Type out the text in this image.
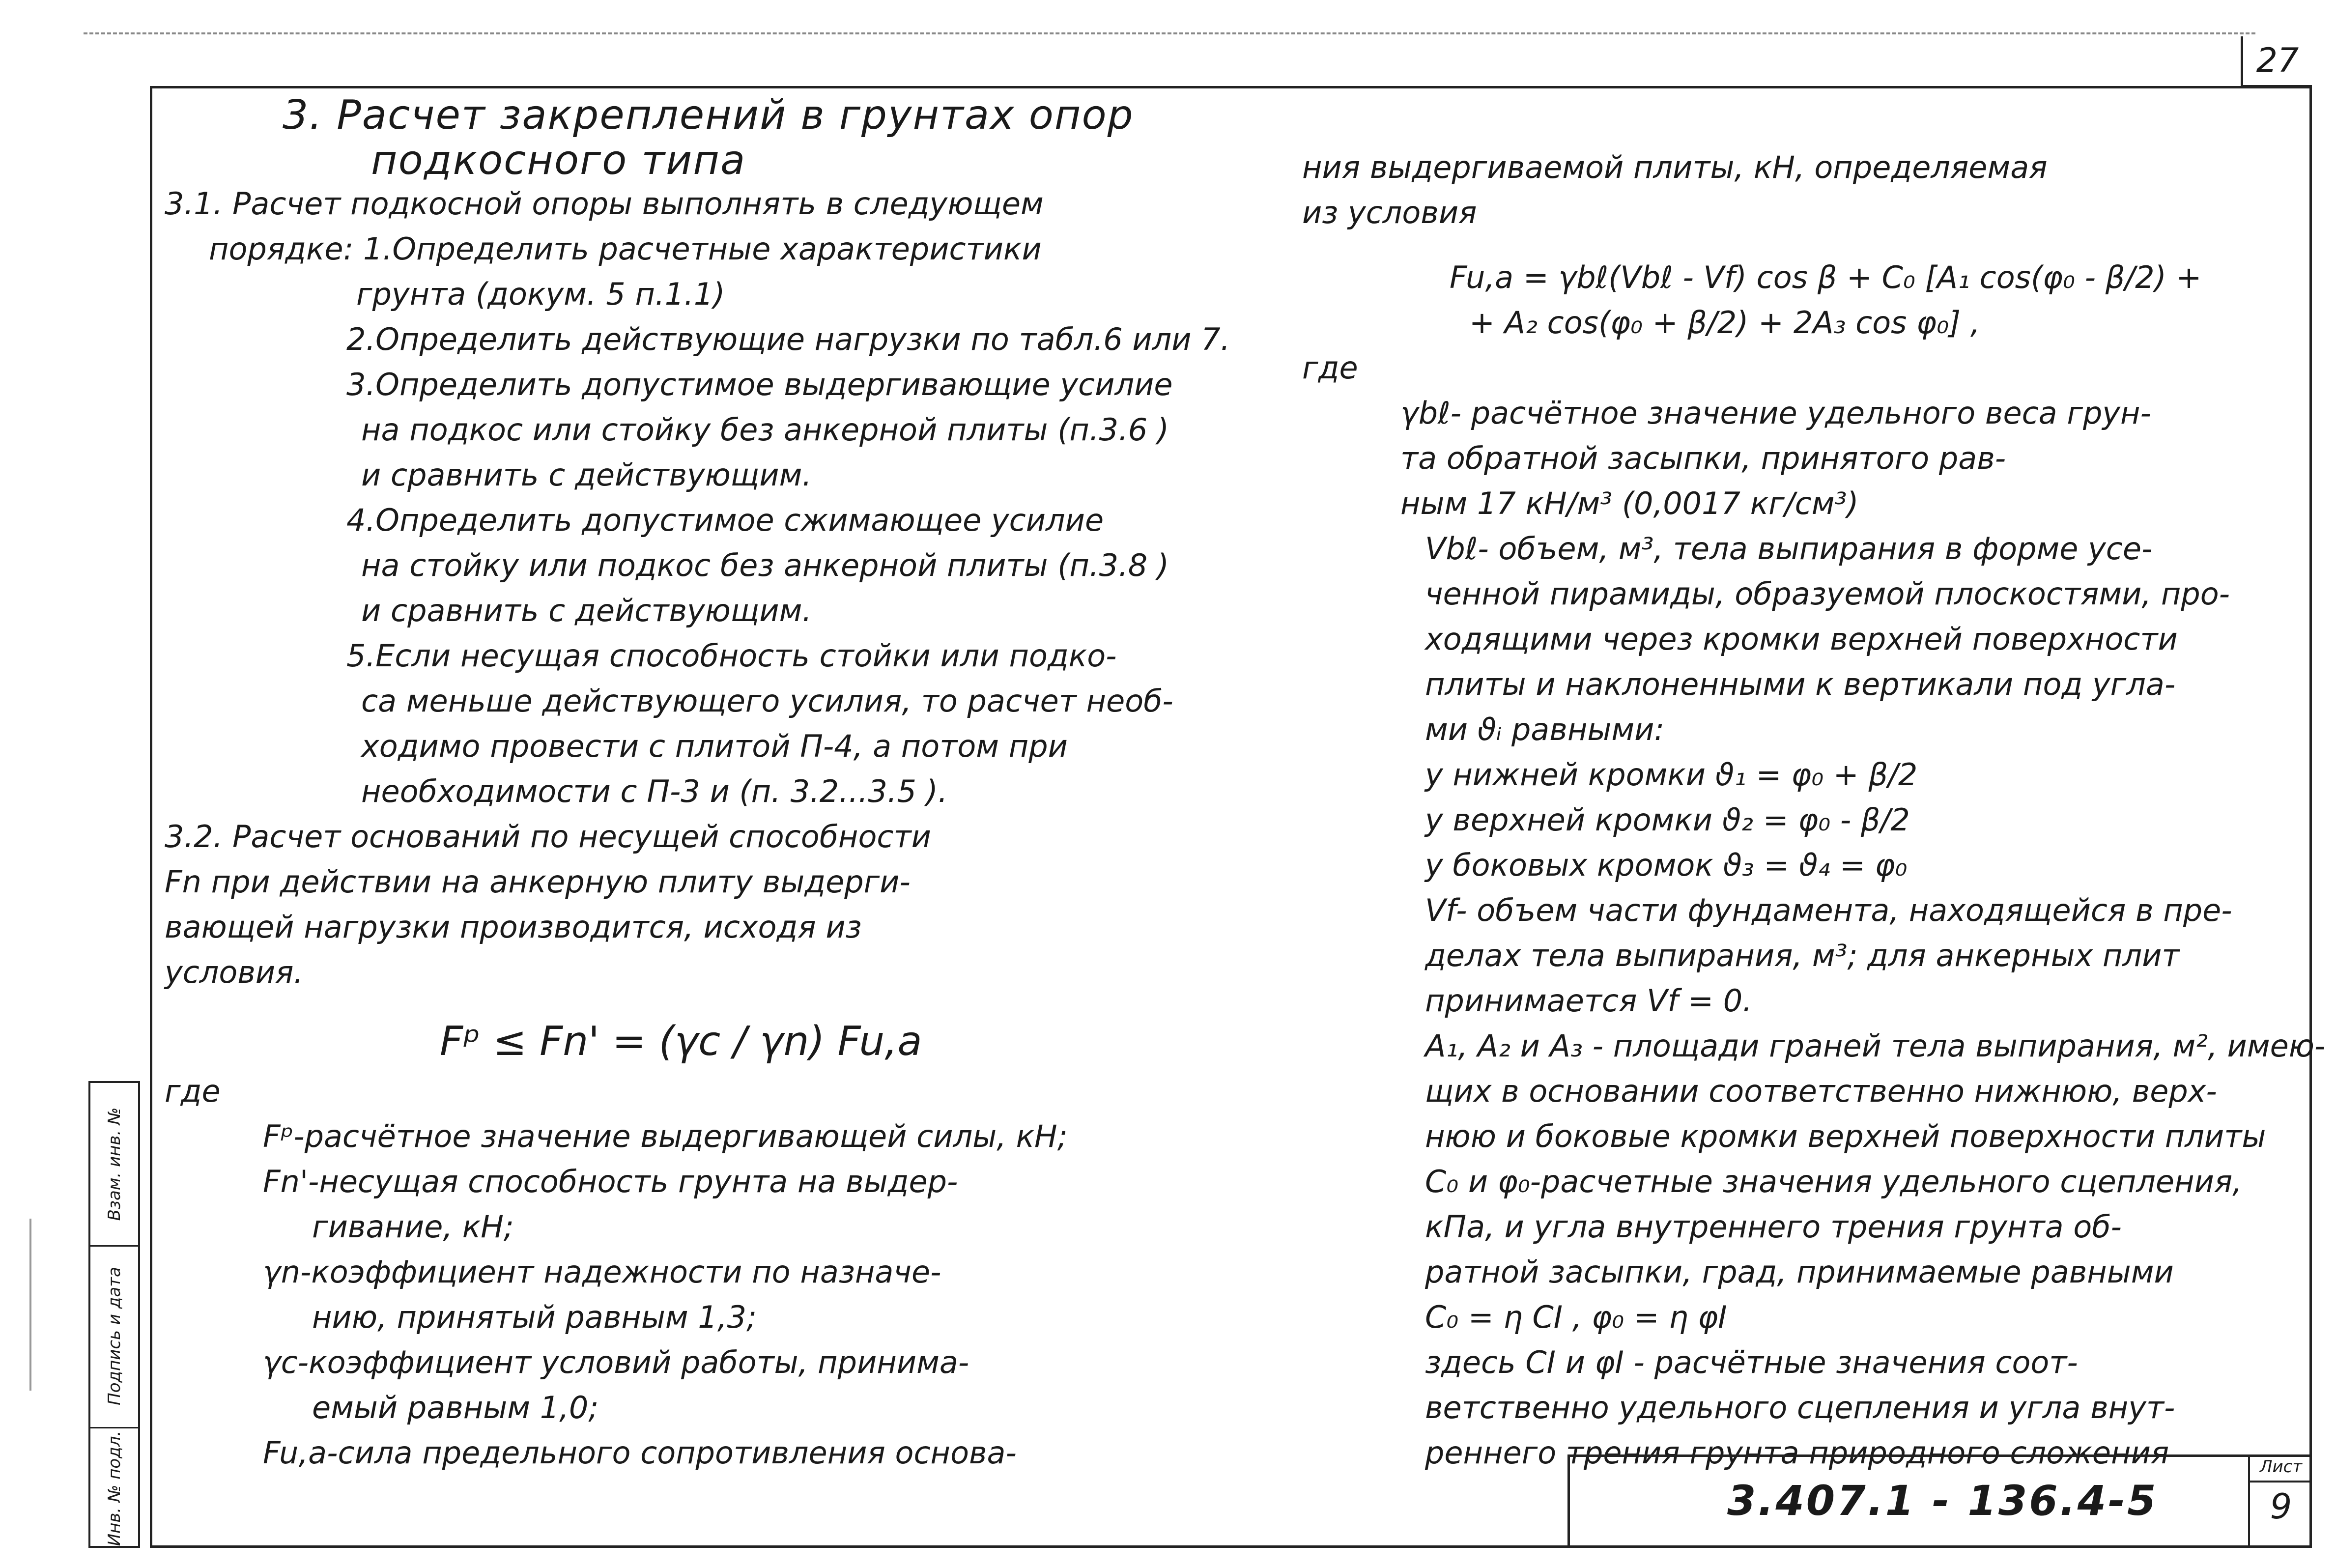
27
3. Расчет закреплений в грунтах опор
подкосного типа
3.1. Расчет подкосной опоры выполнять в следующем
порядке: 1.Определить расчетные характеристики
грунта (докум. 5 п.1.1)
2.Определить действующие нагрузки по табл.6 или 7.
3.Определить допустимое выдергивающие усилие
на подкос или стойку без анкерной плиты (п.3.6 )
и сравнить с действующим.
4.Определить допустимое сжимающее усилие
на стойку или подкос без анкерной плиты (п.3.8 )
и сравнить с действующим.
5.Если несущая способность стойки или подко-
са меньше действующего усилия, то расчет необ-
ходимо провести с плитой П-4, а потом при
необходимости с П-3 и (п. 3.2...3.5 ).
3.2. Расчет оснований по несущей способности
Fn при действии на анкерную плиту выдерги-
вающей нагрузки производится, исходя из
условия.
Fᵖ ≤ Fn' = (γc / γn) Fu,a
где
Fᵖ-расчётное значение выдергивающей силы, кН;
Fn'-несущая способность грунта на выдер-
гивание, кН;
γn-коэффициент надежности по назначе-
нию, принятый равным 1,3;
γc-коэффициент условий работы, принима-
емый равным 1,0;
Fu,a-сила предельного сопротивления основа-
ния выдергиваемой плиты, кН, определяемая
из условия
Fu,a = γbℓ(Vbℓ - Vf) cos β + C₀ [A₁ cos(φ₀ - β/2) +
+ A₂ cos(φ₀ + β/2) + 2A₃ cos φ₀] ,
где
γbℓ- расчётное значение удельного веса грун-
та обратной засыпки, принятого рав-
ным 17 кН/м³ (0,0017 кг/см³)
Vbℓ- объем, м³, тела выпирания в форме усе-
ченной пирамиды, образуемой плоскостями, про-
ходящими через кромки верхней поверхности
плиты и наклоненными к вертикали под угла-
ми ϑᵢ равными:
у нижней кромки ϑ₁ = φ₀ + β/2
у верхней кромки ϑ₂ = φ₀ - β/2
у боковых кромок ϑ₃ = ϑ₄ = φ₀
Vf- объем части фундамента, находящейся в пре-
делах тела выпирания, м³; для анкерных плит
принимается Vf = 0.
A₁, A₂ и A₃ - площади граней тела выпирания, м², имею-
щих в основании соответственно нижнюю, верх-
нюю и боковые кромки верхней поверхности плиты
C₀ и φ₀-расчетные значения удельного сцепления,
кПа, и угла внутреннего трения грунта об-
ратной засыпки, град, принимаемые равными
C₀ = η CI , φ₀ = η φI
здесь CI и φI - расчётные значения соот-
ветственно удельного сцепления и угла внут-
реннего трения грунта природного сложения
Инв. № подл.
Подпись и дата
Взам. инв. №
3.407.1 - 136.4-5
Лист
9
